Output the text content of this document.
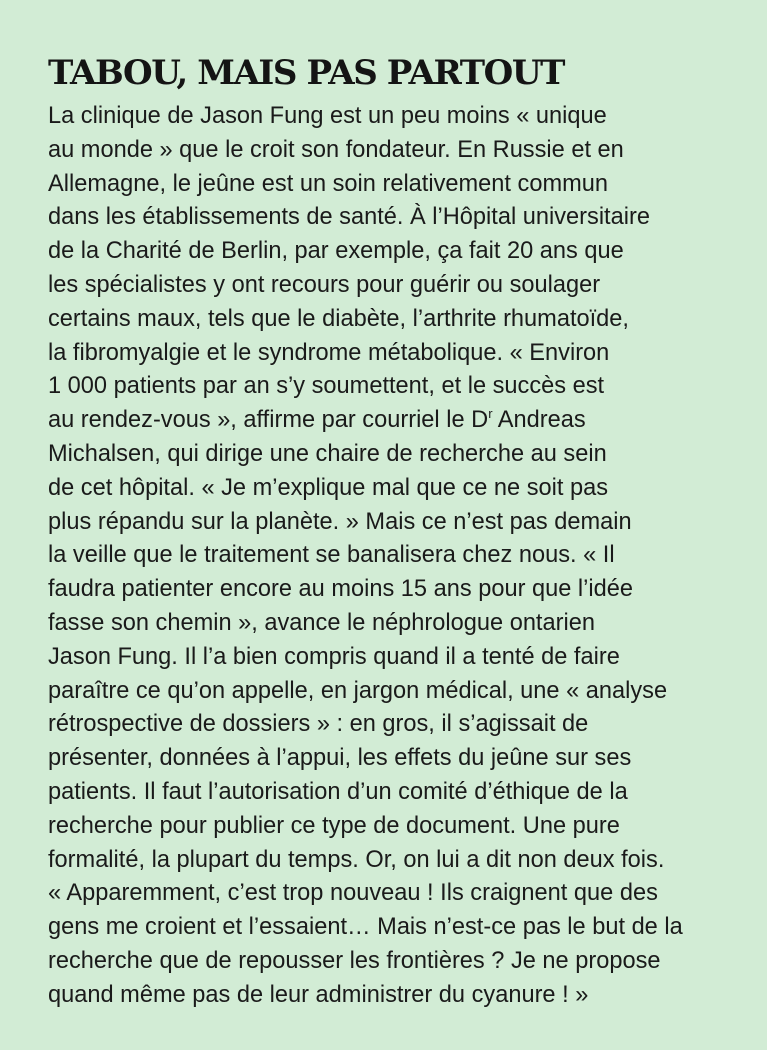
TABOU, MAIS PAS PARTOUT

La clinique de Jason Fung est un peu moins « unique
au monde » que le croit son fondateur. En Russie et en
Allemagne, le jeûne est un soin relativement commun
dans les établissements de santé. À l’Hôpital universitaire
de la Charité de Berlin, par exemple, ça fait 20 ans que
les spécialistes y ont recours pour guérir ou soulager
certains maux, tels que le diabète, l’arthrite rhumatoïde,
la fibromyalgie et le syndrome métabolique. « Environ
1 000 patients par an s’y soumettent, et le succès est
au rendez-vous », affirme par courriel le $D^r$ Andreas
Michalsen, qui dirige une chaire de recherche au sein
de cet hôpital. « Je m’explique mal que ce ne soit pas
plus répandu sur la planète. » Mais ce n’est pas demain
la veille que le traitement se banalisera chez nous. « Il
faudra patienter encore au moins 15 ans pour que l’idée
fasse son chemin », avance le néphrologue ontarien
Jason Fung. Il l’a bien compris quand il a tenté de faire
paraître ce qu’on appelle, en jargon médical, une « analyse
rétrospective de dossiers » : en gros, il s’agissait de
présenter, données à l’appui, les effets du jeûne sur ses
patients. Il faut l’autorisation d’un comité d’éthique de la
recherche pour publier ce type de document. Une pure
formalité, la plupart du temps. Or, on lui a dit non deux fois.
« Apparemment, c’est trop nouveau ! Ils craignent que des
gens me croient et l’essaient… Mais n’est-ce pas le but de la
recherche que de repousser les frontières ? Je ne propose
quand même pas de leur administrer du cyanure ! »
